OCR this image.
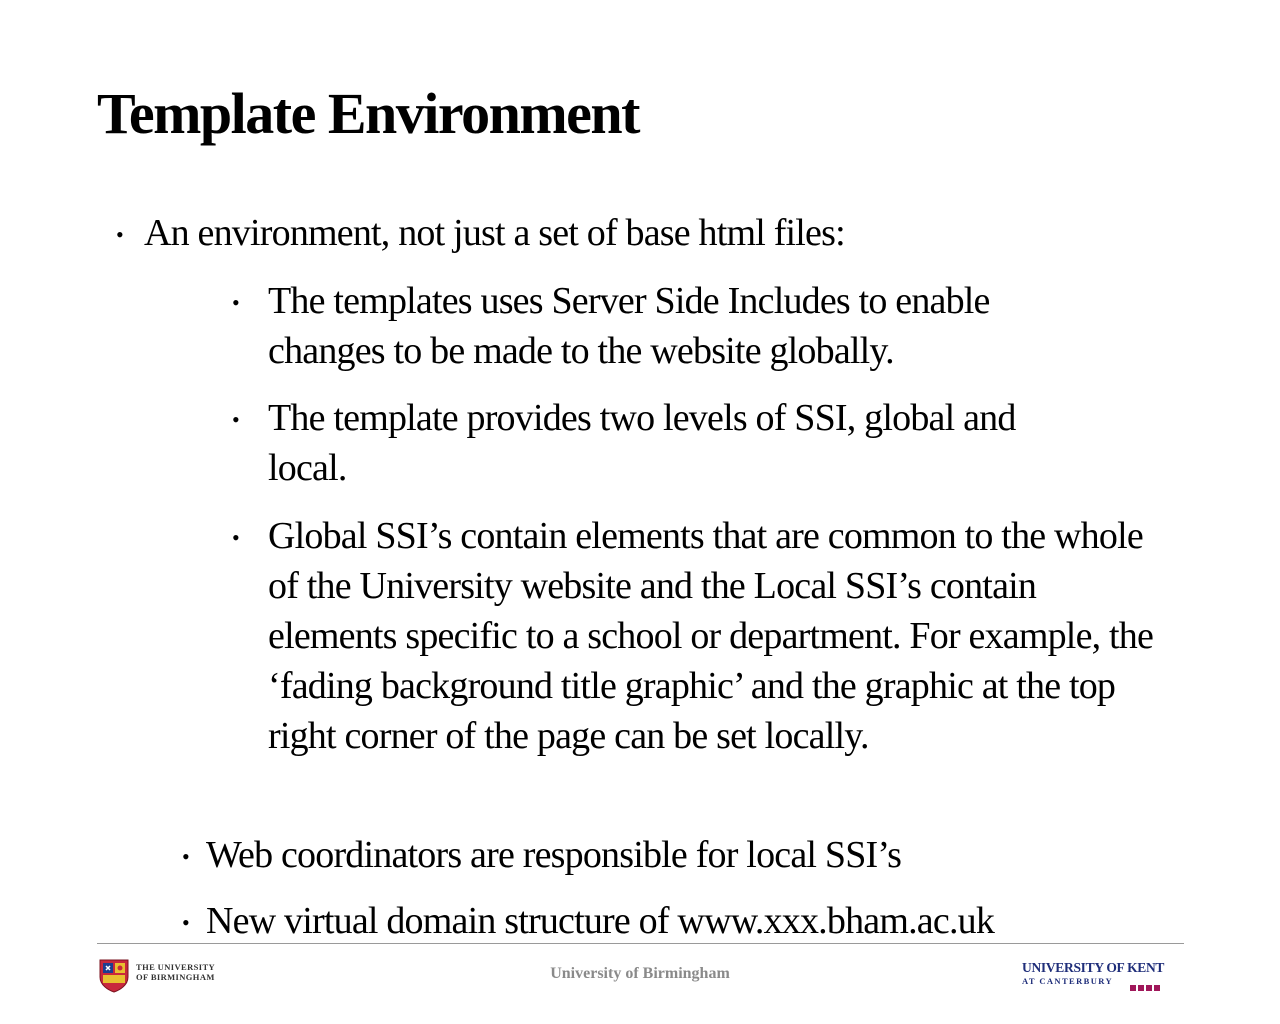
Template Environment
• An environment, not just a set of base html files:
• The templates uses Server Side Includes to enable changes to be made to the website globally.
• The template provides two levels of SSI, global and local.
• Global SSI’s contain elements that are common to the whole of the University website and the Local SSI’s contain elements specific to a school or department. For example, the ‘fading background title graphic’ and the graphic at the top right corner of the page can be set locally.
• Web coordinators are responsible for local SSI’s
• New virtual domain structure of www.xxx.bham.ac.uk
THE UNIVERSITY
OF BIRMINGHAM	University of Birmingham	UNIVERSITY OF KENT
AT CANTERBURY
